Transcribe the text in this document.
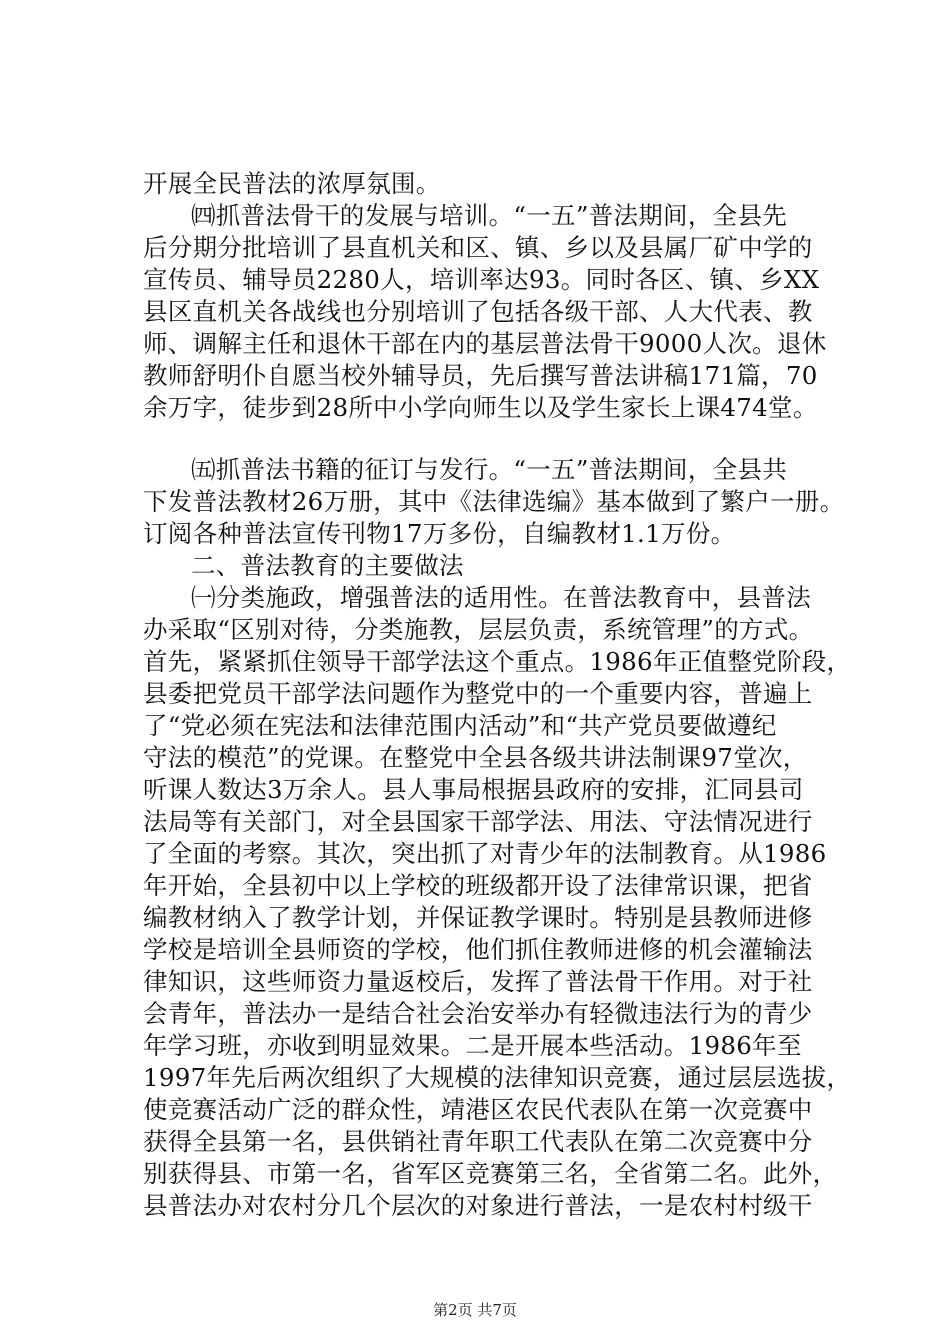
开展全民普法的浓厚氛围。
㈣抓普法骨干的发展与培训。“一五”普法期间，全县先
后分期分批培训了县直机关和区、镇、乡以及县属厂矿中学的
宣传员、辅导员2280人，培训率达93。同时各区、镇、乡XX
县区直机关各战线也分别培训了包括各级干部、人大代表、教
师、调解主任和退休干部在内的基层普法骨干9000人次。退休
教师舒明仆自愿当校外辅导员，先后撰写普法讲稿171篇，70
余万字，徒步到28所中小学向师生以及学生家长上课474堂。
㈤抓普法书籍的征订与发行。“一五”普法期间，全县共
下发普法教材26万册，其中《法律选编》基本做到了繁户一册。
订阅各种普法宣传刊物17万多份，自编教材1.1万份。
二、普法教育的主要做法
㈠分类施政，增强普法的适用性。在普法教育中，县普法
办采取“区别对待，分类施教，层层负责，系统管理”的方式。
首先，紧紧抓住领导干部学法这个重点。1986年正值整党阶段，
县委把党员干部学法问题作为整党中的一个重要内容，普遍上
了“党必须在宪法和法律范围内活动”和“共产党员要做遵纪
守法的模范”的党课。在整党中全县各级共讲法制课97堂次，
听课人数达3万余人。县人事局根据县政府的安排，汇同县司
法局等有关部门，对全县国家干部学法、用法、守法情况进行
了全面的考察。其次，突出抓了对青少年的法制教育。从1986
年开始，全县初中以上学校的班级都开设了法律常识课，把省
编教材纳入了教学计划，并保证教学课时。特别是县教师进修
学校是培训全县师资的学校，他们抓住教师进修的机会灌输法
律知识，这些师资力量返校后，发挥了普法骨干作用。对于社
会青年，普法办一是结合社会治安举办有轻微违法行为的青少
年学习班，亦收到明显效果。二是开展本些活动。1986年至
1997年先后两次组织了大规模的法律知识竞赛，通过层层选拔，
使竞赛活动广泛的群众性，靖港区农民代表队在第一次竞赛中
获得全县第一名，县供销社青年职工代表队在第二次竞赛中分
别获得县、市第一名，省军区竞赛第三名，全省第二名。此外，
县普法办对农村分几个层次的对象进行普法，一是农村村级干
第2页 共7页
